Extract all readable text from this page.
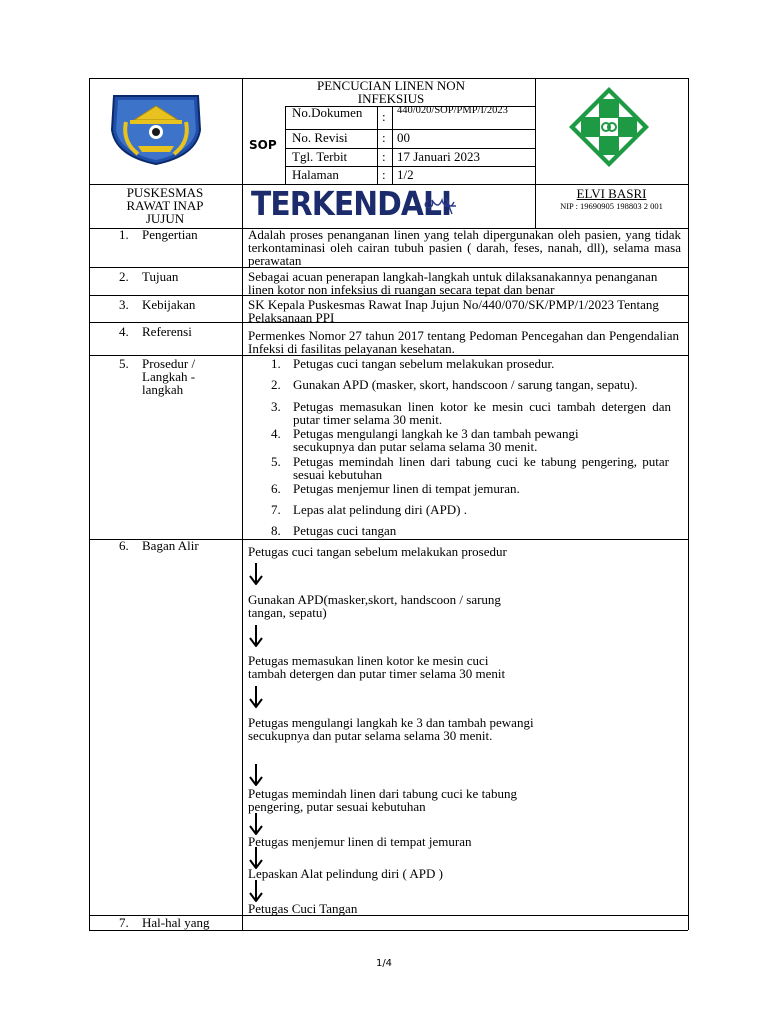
PENCUCIAN LINEN NON INFEKSIUS
SOP
No.Dokumen : 440/020/SOP/PMP/I/2023
No. Revisi	: 00
Tgl. Terbit	: 17 Januari 2023
Halaman	: 1/2
PUSKESMAS RAWAT INAP JUJUN	TERKENDALI	ELVI BASRI
NIP : 19690905 198803 2 001
1. Pengertian	Adalah proses penanganan linen yang telah dipergunakan oleh pasien, yang tidak terkontaminasi oleh cairan tubuh pasien ( darah, feses, nanah, dll), selama masa perawatan
2. Tujuan	Sebagai acuan penerapan langkah-langkah untuk dilaksanakannya penanganan linen kotor non infeksius di ruangan secara tepat dan benar
3. Kebijakan	SK Kepala Puskesmas Rawat Inap Jujun No/440/070/SK/PMP/1/2023 Tentang Pelaksanaan PPI
4. Referensi	Permenkes Nomor 27 tahun 2017 tentang Pedoman Pencegahan dan Pengendalian Infeksi di fasilitas pelayanan kesehatan.
5. Prosedur / Langkah - langkah
1. Petugas cuci tangan sebelum melakukan prosedur.
2. Gunakan APD (masker, skort, handscoon / sarung tangan, sepatu).
3. Petugas memasukan linen kotor ke mesin cuci tambah detergen dan putar timer selama 30 menit.
4. Petugas mengulangi langkah ke 3 dan tambah pewangi secukupnya dan putar selama selama 30 menit.
5. Petugas memindah linen dari tabung cuci ke tabung pengering, putar sesuai kebutuhan
6. Petugas menjemur linen di tempat jemuran.
7. Lepas alat pelindung diri (APD) .
8. Petugas cuci tangan
6. Bagan Alir	Petugas cuci tangan sebelum melakukan prosedur
Gunakan APD(masker,skort, handscoon / sarung tangan, sepatu)
Petugas memasukan linen kotor ke mesin cuci tambah detergen dan putar timer selama 30 menit
Petugas mengulangi langkah ke 3 dan tambah pewangi secukupnya dan putar selama selama 30 menit.
Petugas memindah linen dari tabung cuci ke tabung pengering, putar sesuai kebutuhan
Petugas menjemur linen di tempat jemuran
Lepaskan Alat pelindung diri ( APD )
Petugas Cuci Tangan
7. Hal-hal yang
1/4
